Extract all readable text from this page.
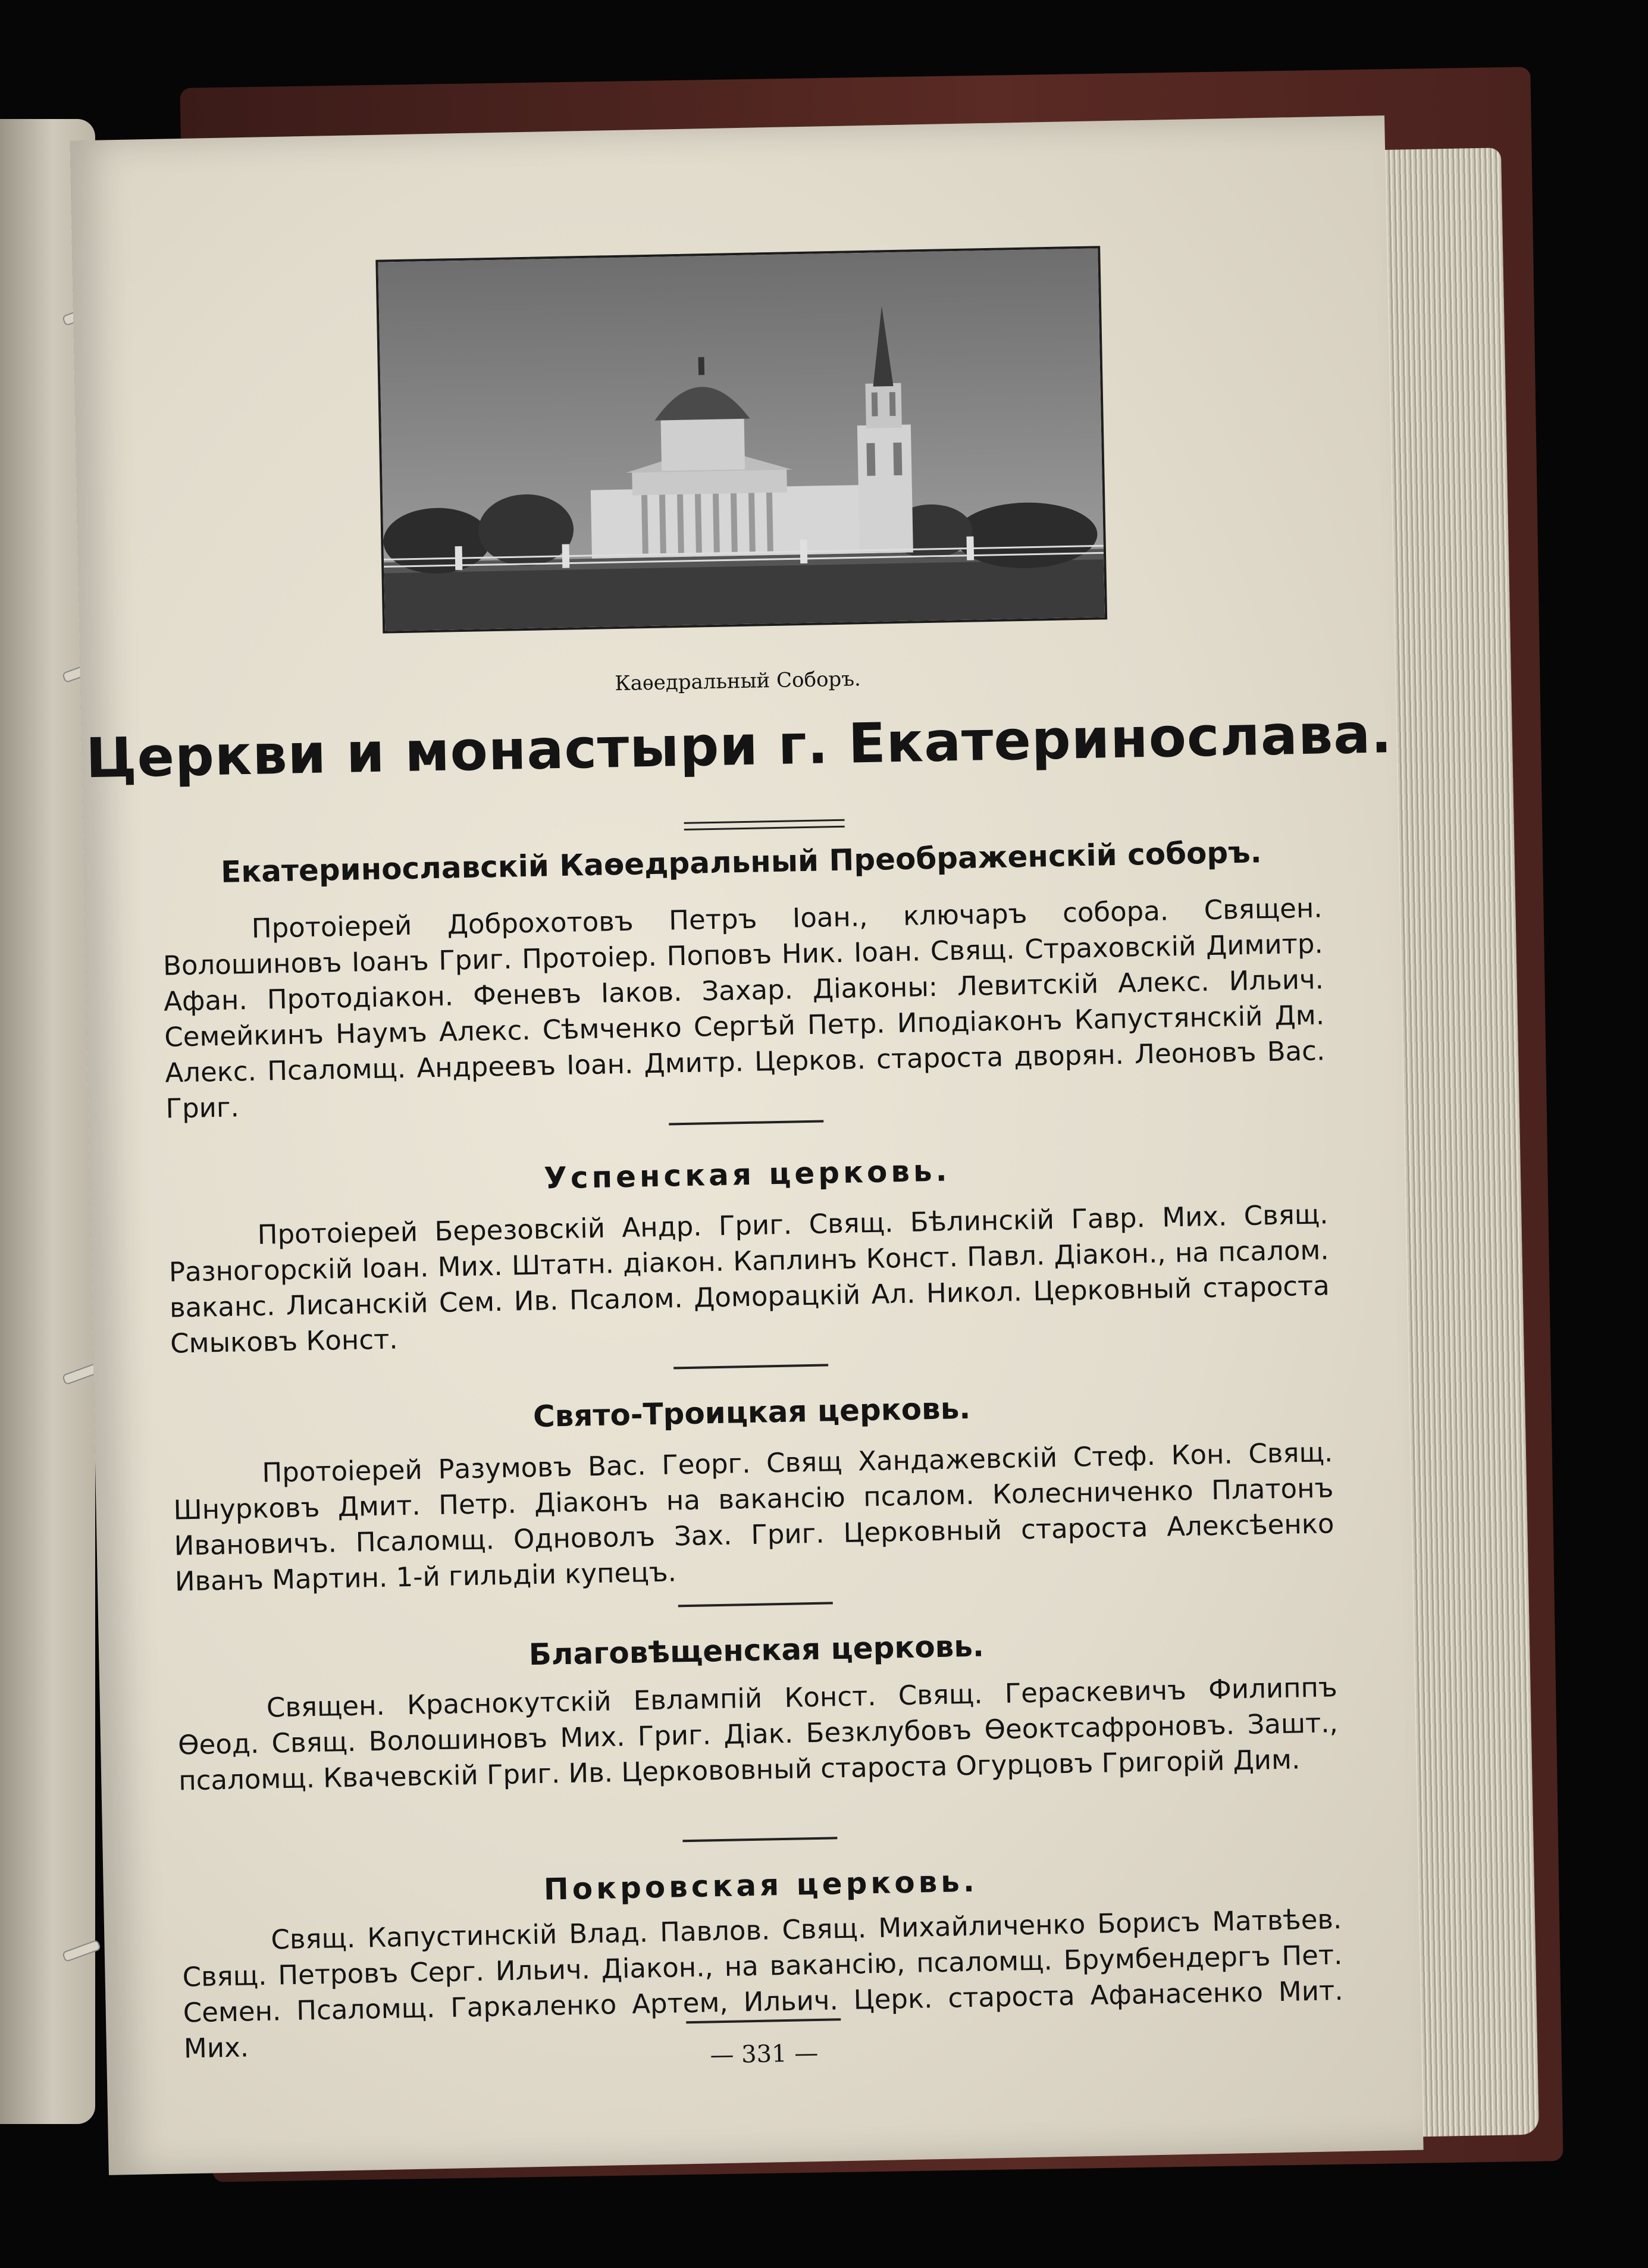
Каѳедральный Соборъ.
Церкви и монастыри г. Екатеринослава.
Екатеринославскій Каѳедральный Преображенскій соборъ.
Протоіерей Доброхотовъ Петръ Іоан., ключаръ собора. Священ. Волошиновъ Іоанъ Григ. Протоіер. Поповъ Ник. Іоан. Свящ. Страховскій Димитр. Афан. Протодіакон. Феневъ Іаков. Захар. Діаконы: Левитскій Алекс. Ильич. Семейкинъ Наумъ Алекс. Сѣмченко Сергѣй Петр. Иподіаконъ Капустянскій Дм. Алекс. Псаломщ. Андреевъ Іоан. Дмитр. Церков. староста дворян. Леоновъ Вас. Григ.
Успенская церковь.
Протоіерей Березовскій Андр. Григ. Свящ. Бѣлинскій Гавр. Мих. Свящ. Разногорскій Іоан. Мих. Штатн. діакон. Каплинъ Конст. Павл. Діакон., на псалом. ваканс. Лисанскій Сем. Ив. Псалом. Доморацкій Ал. Никол. Церковный староста Смыковъ Конст.
Свято-Троицкая церковь.
Протоіерей Разумовъ Вас. Георг. Свящ Хандажевскій Стеф. Кон. Свящ. Шнурковъ Дмит. Петр. Діаконъ на вакансію псалом. Колесниченко Платонъ Ивановичъ. Псаломщ. Одноволъ Зах. Григ. Церковный староста Алексѣенко Иванъ Мартин. 1-й гильдіи купецъ.
Благовѣщенская церковь.
Священ. Краснокутскій Евлампій Конст. Свящ. Гераскевичъ Филиппъ Ѳеод. Свящ. Волошиновъ Мих. Григ. Діак. Безклубовъ Ѳеоктсафроновъ. Зашт., псаломщ. Квачевскій Григ. Ив. Церкововный староста Огурцовъ Григорій Дим.
Покровская церковь.
Свящ. Капустинскій Влад. Павлов. Свящ. Михайличенко Борисъ Матвѣев. Свящ. Петровъ Серг. Ильич. Діакон., на вакансію, псаломщ. Брумбендергъ Пет. Семен. Псаломщ. Гаркаленко Артем, Ильич. Церк. староста Афанасенко Мит. Мих.	— 331 —
